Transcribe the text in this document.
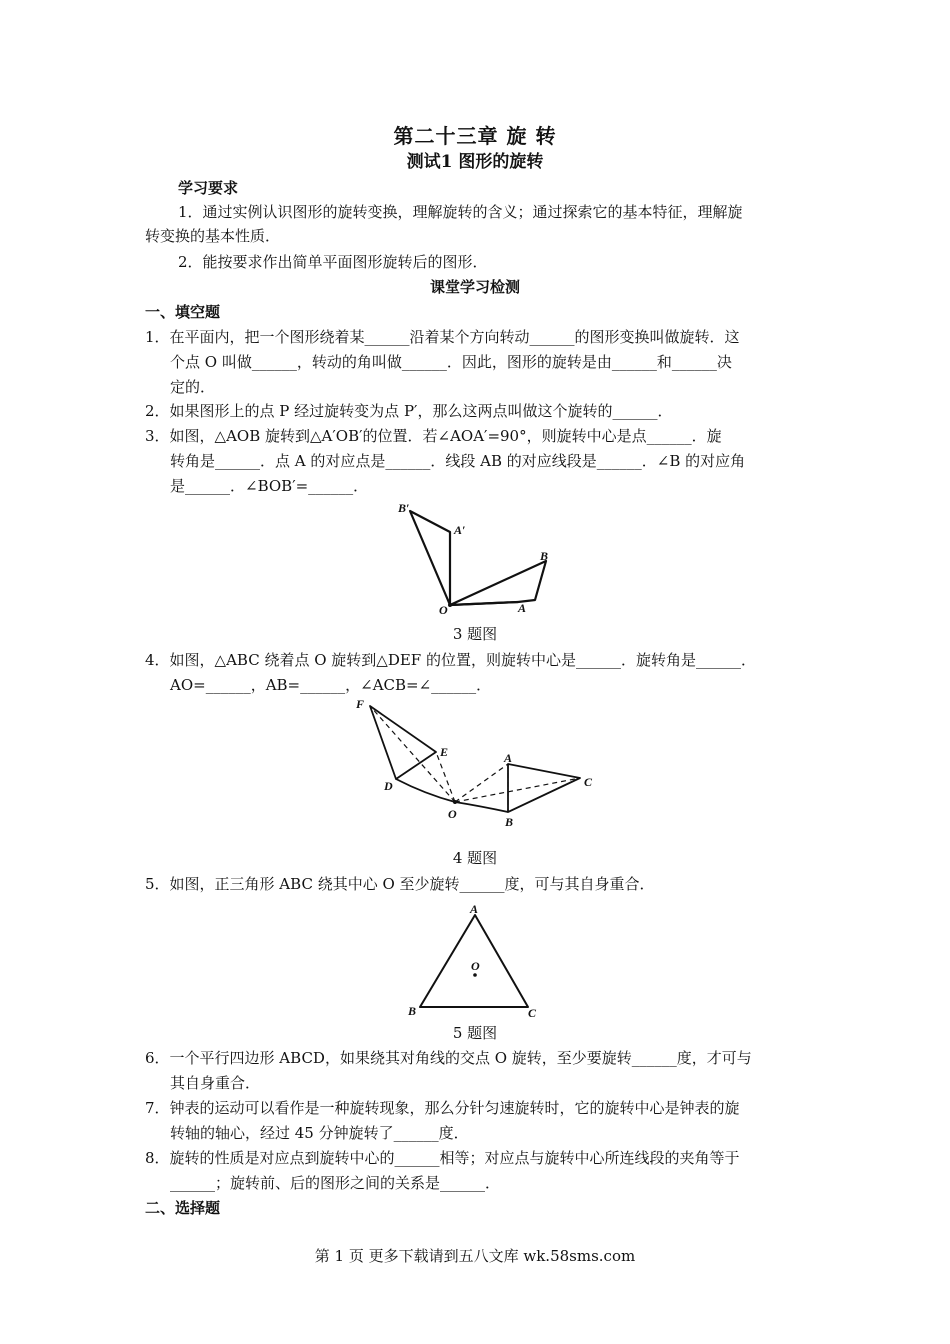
第二十三章 旋 转
测试1 图形的旋转
学习要求
1．通过实例认识图形的旋转变换，理解旋转的含义；通过探索它的基本特征，理解旋
转变换的基本性质．
2．能按要求作出简单平面图形旋转后的图形．
课堂学习检测
一、填空题
1．在平面内，把一个图形绕着某______沿着某个方向转动______的图形变换叫做旋转．这
个点 O 叫做______，转动的角叫做______．因此，图形的旋转是由______和______决
定的．
2．如果图形上的点 P 经过旋转变为点 P′，那么这两点叫做这个旋转的______．
3．如图，△AOB 旋转到△A′OB′的位置．若∠AOA′=90°，则旋转中心是点______．旋
转角是______．点 A 的对应点是______．线段 AB 的对应线段是______．∠B 的对应角
是______．∠BOB′=______．
B′
A′
B
O	A
3 题图
4．如图，△ABC 绕着点 O 旋转到△DEF 的位置，则旋转中心是______．旋转角是______．
AO=______，AB=______，∠ACB=∠______．
F
E
D
O
A
C
B
4 题图
5．如图，正三角形 ABC 绕其中心 O 至少旋转______度，可与其自身重合．
A
O
B	C
5 题图
6．一个平行四边形 ABCD，如果绕其对角线的交点 O 旋转，至少要旋转______度，才可与
其自身重合．
7．钟表的运动可以看作是一种旋转现象，那么分针匀速旋转时，它的旋转中心是钟表的旋
转轴的轴心，经过 45 分钟旋转了______度．
8．旋转的性质是对应点到旋转中心的______相等；对应点与旋转中心所连线段的夹角等于
______；旋转前、后的图形之间的关系是______．
二、选择题
第 1 页 更多下载请到五八文库 wk.58sms.com
